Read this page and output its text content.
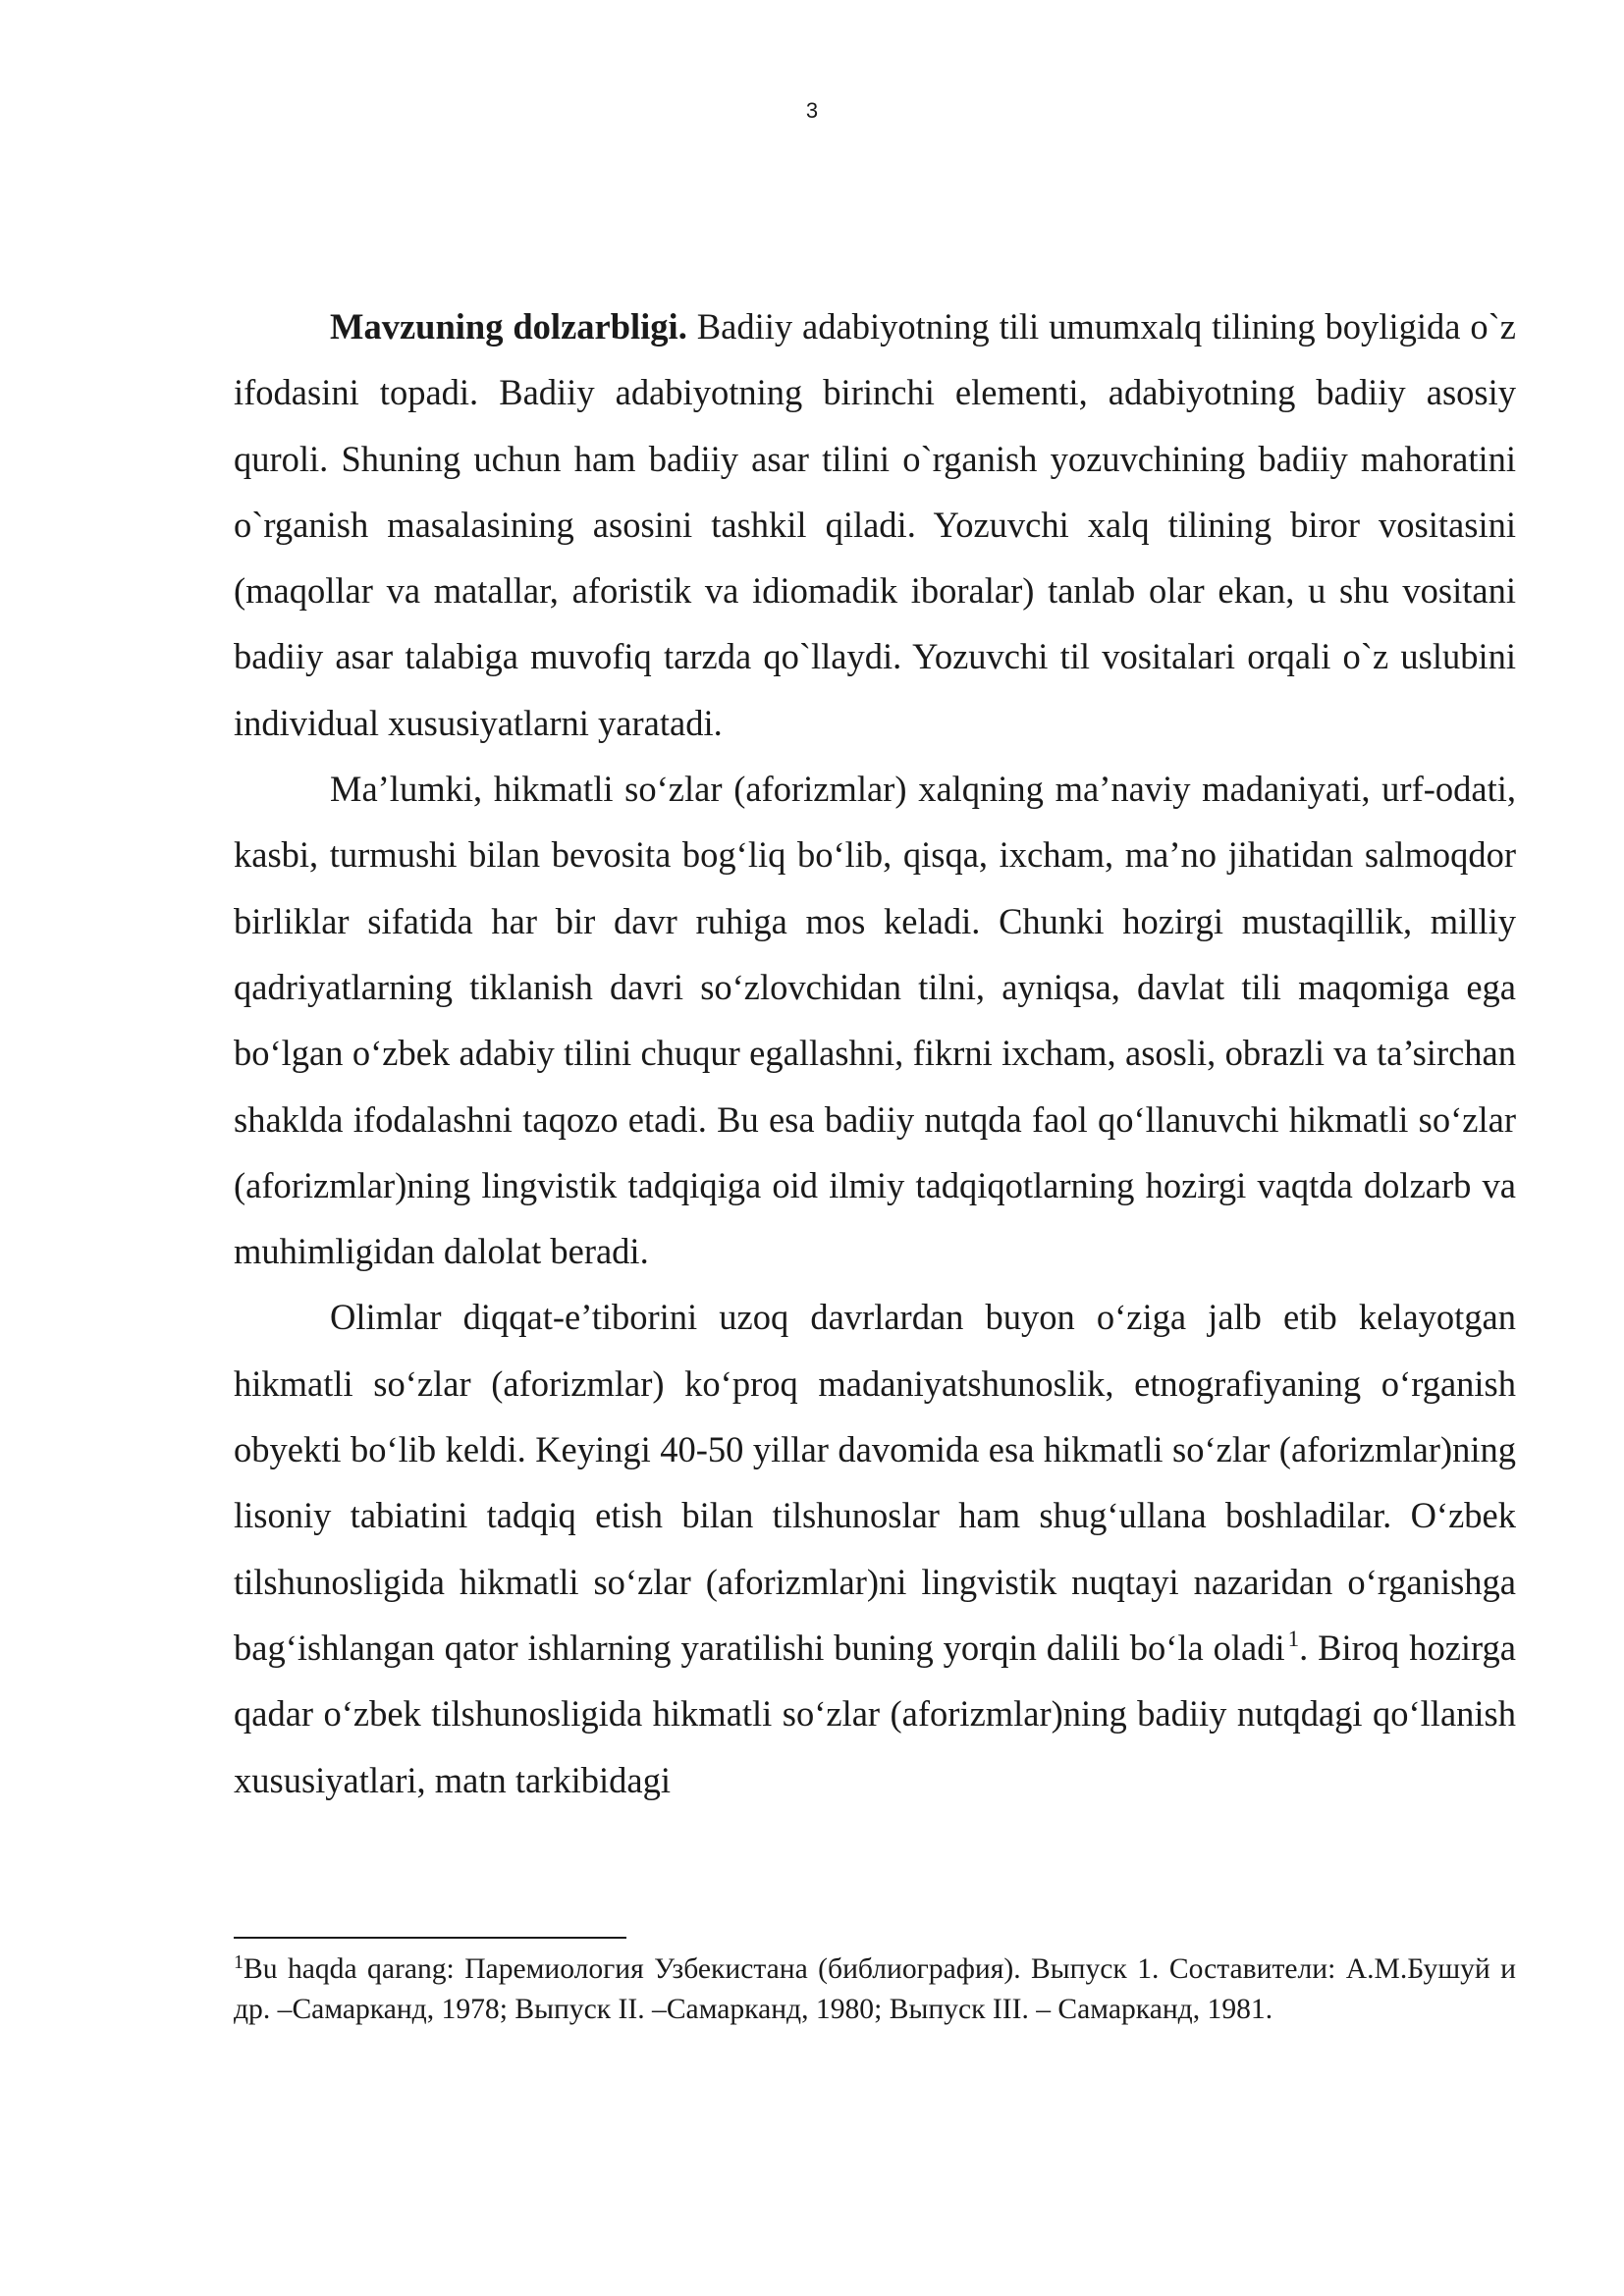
3

Mavzuning dolzarbligi. Badiiy adabiyotning tili umumxalq tilining boyligida o`z ifodasini topadi. Badiiy adabiyotning birinchi elementi, adabiyotning badiiy asosiy quroli. Shuning uchun ham badiiy asar tilini o`rganish yozuvchining badiiy mahoratini o`rganish masalasining asosini tashkil qiladi. Yozuvchi xalq tilining biror vositasini (maqollar va matallar, aforistik va idiomadik iboralar) tanlab olar ekan, u shu vositani badiiy asar talabiga muvofiq tarzda qo`llaydi. Yozuvchi til vositalari orqali o`z uslubini individual xususiyatlarni yaratadi.

Ma’lumki, hikmatli so‘zlar (aforizmlar) xalqning ma’naviy madaniyati, urf-odati, kasbi, turmushi bilan bevosita bog‘liq bo‘lib, qisqa, ixcham, ma’no jihatidan salmoqdor birliklar sifatida har bir davr ruhiga mos keladi. Chunki hozirgi mustaqillik, milliy qadriyatlarning tiklanish davri so‘zlovchidan tilni, ayniqsa, davlat tili maqomiga ega bo‘lgan o‘zbek adabiy tilini chuqur egallashni, fikrni ixcham, asosli, obrazli va ta’sirchan shaklda ifodalashni taqozo etadi. Bu esa badiiy nutqda faol qo‘llanuvchi hikmatli so‘zlar (aforizmlar)ning lingvistik tadqiqiga oid ilmiy tadqiqotlarning hozirgi vaqtda dolzarb va muhimligidan dalolat beradi.

Olimlar diqqat-e’tiborini uzoq davrlardan buyon o‘ziga jalb etib kelayotgan hikmatli so‘zlar (aforizmlar) ko‘proq madaniyatshunoslik, etnografiyaning o‘rganish obyekti bo‘lib keldi. Keyingi 40-50 yillar davomida esa hikmatli so‘zlar (aforizmlar)ning lisoniy tabiatini tadqiq etish bilan tilshunoslar ham shug‘ullana boshladilar. O‘zbek tilshunosligida hikmatli so‘zlar (aforizmlar)ni lingvistik nuqtayi nazaridan o‘rganishga bag‘ishlangan qator ishlarning yaratilishi buning yorqin dalili bo‘la oladi $^1$. Biroq hozirga qadar o‘zbek tilshunosligida hikmatli so‘zlar (aforizmlar)ning badiiy nutqdagi qo‘llanish xususiyatlari, matn tarkibidagi

$^1$Bu haqda qarang: Паремиология Узбекистана (библиография). Выпуск 1. Составители: А.М.Бушуй и др. –Самарканд, 1978; Выпуск II. –Самарканд, 1980; Выпуск III. – Самарканд, 1981.
